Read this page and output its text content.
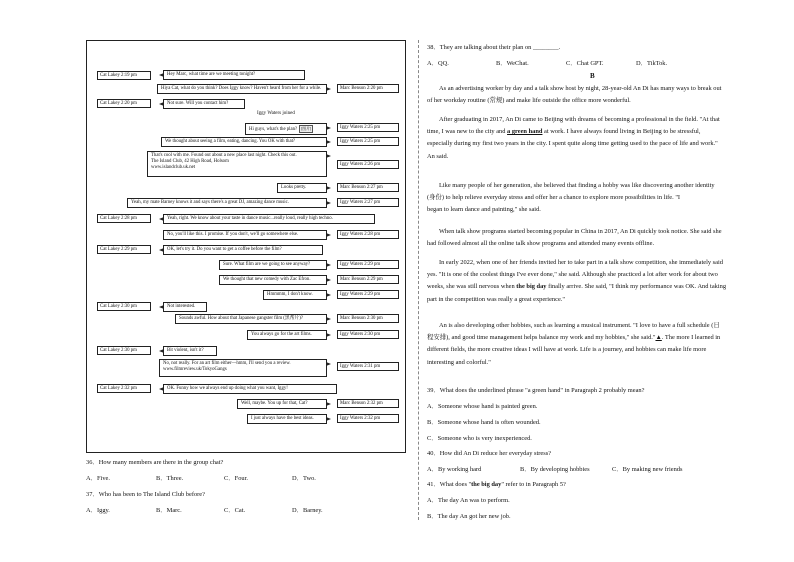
Cat Lakey 2:19 pm	Hey Marc, what time are we meeting tonight?
Hiya Cat, what do you think? Does Iggy know? Haven't heard from her for a while.	Marc Benson 2:20 pm
Cat Lakey 2:20 pm	Not sure. Will you contact him?
Iggy Waters joined
Hi guys, what's the plan? [图片]	Iggy Waters 2:25 pm
We thought about seeing a film, eating, dancing. You OK with that?	Iggy Waters 2:25 pm
That's cool with me. Found out about a new place last night. Check this out.
The Island Club, 42 High Road, Holsom
www.islandclub.uk.net
Iggy Waters 2:26 pm
Looks pretty.	Marc Benson 2:27 pm
Yeah, my mate Barney knows it and says there's a great DJ, amazing dance music.	Iggy Waters 2:27 pm
Cat Lakey 2:28 pm	Yeah, right. We know about your taste in dance music...really loud, really high techno.
No, you'll like this. I promise. If you don't, we'll go somewhere else.	Iggy Waters 2:28 pm
Cat Lakey 2:29 pm	OK, let's try it. Do you want to get a coffee before the film?
Sure. What film are we going to see anyway?	Iggy Waters 2:29 pm
We thought that new comedy with Zac Efron.	Marc Benson 2:29 pm
Hmmmm, I don't know.	Iggy Waters 2:29 pm
Cat Lakey 2:30 pm	Not interested.
Sounds awful. How about that Japanese gangster film (黑帮片)?	Marc Benson 2:30 pm
You always go for the art films.	Iggy Waters 2:30 pm
Cat Lakey 2:30 pm	Bit violent, isn't it?
No, not really. For an art film either—hmm, I'll send you a review.
www.filmreview.uk/TokyoGangs
Iggy Waters 2:31 pm
Cat Lakey 2:32 pm	OK. Funny how we always end up doing what you want, Iggy!
Well, maybe. You up for that, Cat?	Marc Benson 2:32 pm
I just always have the best ideas.	Iggy Waters 2:32 pm
36．How many members are there in the group chat?
A．Five.	B．Three.	C．Four.	D．Two.
37．Who has been to The Island Club before?
A．Iggy.	B．Marc.	C．Cat.	D．Barney.
38．They are talking about their plan on ________.
A．QQ.	B．WeChat.	C．Chat GPT.	D．TikTok.
B
As an advertising worker by day and a talk show host by night, 28-year-old An Di has many ways to break out
of her workday routine (常规) and make life outside the office more wonderful.
After graduating in 2017, An Di came to Beijing with dreams of becoming a professional in the field. "At that
time, I was new to the city and a green hand at work. I have always found living in Beijing to be stressful,
especially during my first two years in the city. I spent quite along time getting used to the pace of life and work."
An said.
Like many people of her generation, she believed that finding a hobby was like discovering another identity
(身份) to help relieve everyday stress and offer her a chance to explore more possibilities in life. "I
began to learn dance and painting," she said.
When talk show programs started becoming popular in China in 2017, An Di quickly took notice. She said she
had followed almost all the online talk show programs and attended many events offline.
In early 2022, when one of her friends invited her to take part in a talk show competition, she immediately said
yes. "It is one of the coolest things I've ever done," she said. Although she practiced a lot after work for about two
weeks, she was still nervous when the big day finally arrive. She said, "I think my performance was OK. And taking
part in the competition was really a great experience."
An is also developing other hobbies, such as learning a musical instrument. "I love to have a full schedule (日
程安排), and good time management helps balance my work and my hobbies," she said."▲. The more I learned in
different fields, the more creative ideas I will have at work. Life is a journey, and hobbies can make life more
interesting and colorful."
39．What does the underlined phrase "a green hand" in Paragraph 2 probably mean?
A．Someone whose hand is painted green.
B．Someone whose hand is often wounded.
C．Someone who is very inexperienced.
40．How did An Di reduce her everyday stress?
A．By working hard	B．By developing hobbies	C．By making new friends
41．What does "the big day" refer to in Paragraph 5?
A．The day An was to perform.
B．The day An got her new job.
